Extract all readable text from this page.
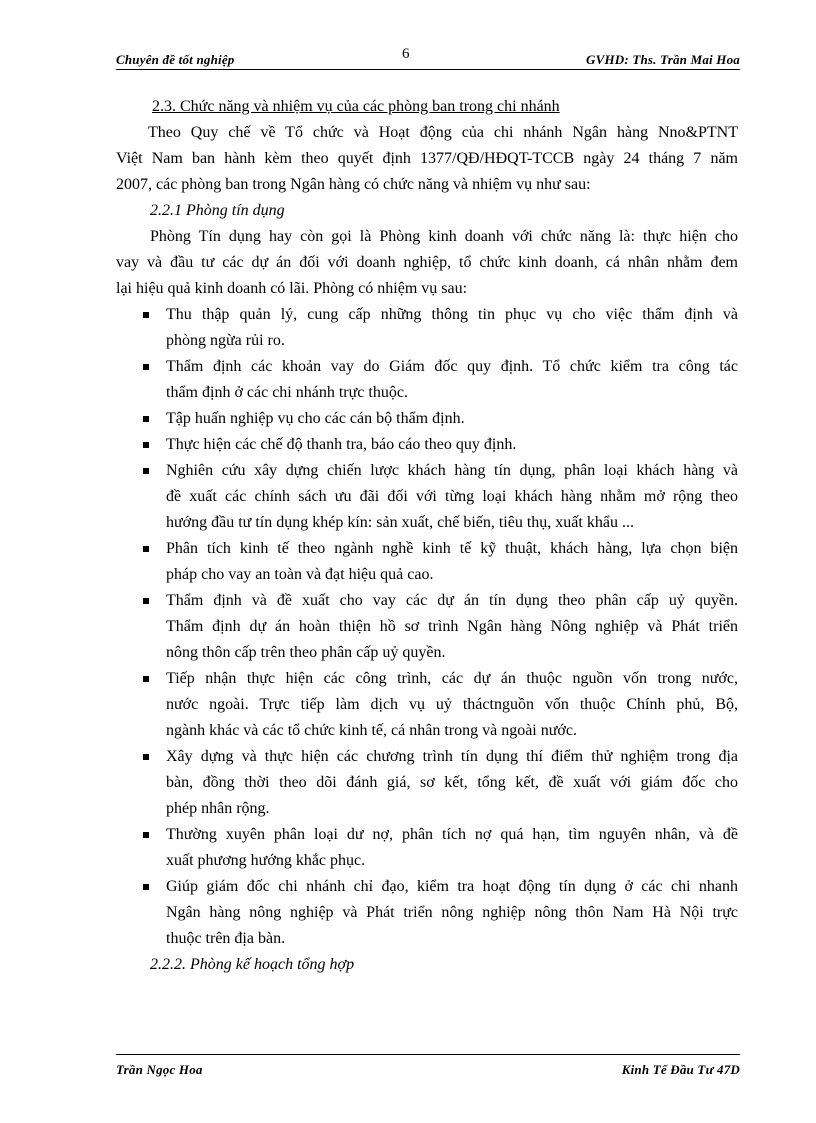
Chuyên đề tốt nghiệp	6	GVHD: Ths. Trần Mai Hoa
2.3. Chức năng và nhiệm vụ của các phòng ban trong chi nhánh
Theo Quy chế về Tổ chức và Hoạt động của chi nhánh Ngân hàng Nno&PTNT
Việt Nam ban hành kèm theo quyết định 1377/QĐ/HĐQT-TCCB ngày 24 tháng 7 năm
2007, các phòng ban trong Ngân hàng có chức năng và nhiệm vụ như sau:
2.2.1 Phòng tín dụng
Phòng Tín dụng hay còn gọi là Phòng kinh doanh với chức năng là: thực hiện cho
vay và đầu tư các dự án đối với doanh nghiệp, tổ chức kinh doanh, cá nhân nhằm đem
lại hiệu quả kinh doanh có lãi. Phòng có nhiệm vụ sau:
Thu thập quản lý, cung cấp những thông tin phục vụ cho việc thẩm định và
phòng ngừa rủi ro.
Thẩm định các khoản vay do Giám đốc quy định. Tổ chức kiểm tra công tác
thẩm định ở các chi nhánh trực thuộc.
Tập huấn nghiệp vụ cho các cán bộ thẩm định.
Thực hiện các chế độ thanh tra, báo cáo theo quy định.
Nghiên cứu xây dựng chiến lược khách hàng tín dụng, phân loại khách hàng và
đề xuất các chính sách ưu đãi đối với từng loại khách hàng nhằm mở rộng theo
hướng đầu tư tín dụng khép kín: sản xuất, chế biến, tiêu thụ, xuất khẩu ...
Phân tích kinh tế theo ngành nghề kinh tế kỹ thuật, khách hàng, lựa chọn biện
pháp cho vay an toàn và đạt hiệu quả cao.
Thẩm định và đề xuất cho vay các dự án tín dụng theo phân cấp uỷ quyền.
Thẩm định dự án hoàn thiện hồ sơ trình Ngân hàng Nông nghiệp và Phát triển
nông thôn cấp trên theo phân cấp uỷ quyền.
Tiếp nhận thực hiện các công trình, các dự án thuộc nguồn vốn trong nước,
nước ngoài. Trực tiếp làm dịch vụ uỷ tháctnguồn vốn thuộc Chính phủ, Bộ,
ngành khác và các tổ chức kinh tế, cá nhân trong và ngoài nước.
Xây dựng và thực hiện các chương trình tín dụng thí điểm thử nghiệm trong địa
bàn, đồng thời theo dõi đánh giá, sơ kết, tổng kết, đề xuất với giám đốc cho
phép nhân rộng.
Thường xuyên phân loại dư nợ, phân tích nợ quá hạn, tìm nguyên nhân, và đề
xuất phương hướng khắc phục.
Giúp giám đốc chi nhánh chỉ đạo, kiểm tra hoạt động tín dụng ở các chi nhanh
Ngân hàng nông nghiệp và Phát triển nông nghiệp nông thôn Nam Hà Nội trực
thuộc trên địa bàn.
2.2.2. Phòng kế hoạch tổng hợp
Trần Ngọc Hoa	Kinh Tế Đầu Tư 47D
